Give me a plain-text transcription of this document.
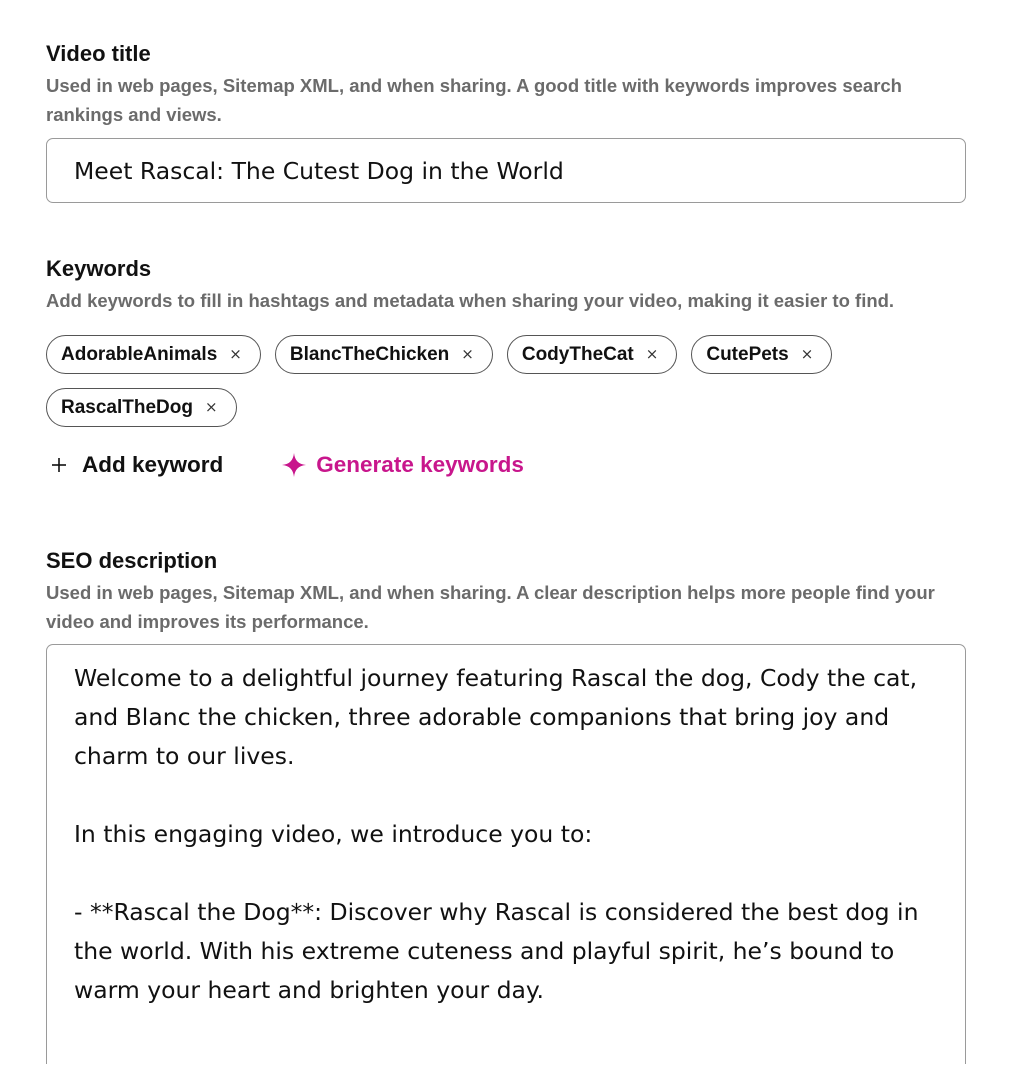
Video title

Used in web pages, Sitemap XML, and when sharing. A good title with keywords improves search rankings and views.

Meet Rascal: The Cutest Dog in the World
Keywords

Add keywords to fill in hashtags and metadata when sharing your video, making it easier to find.

AdorableAnimals ×	BlancTheChicken ×	CodyTheCat ×	CutePets ×
RascalTheDog ×
Add keyword	Generate keywords
SEO description

Used in web pages, Sitemap XML, and when sharing. A clear description helps more people find your video and improves its performance.

Welcome to a delightful journey featuring Rascal the dog, Cody the cat, and Blanc the chicken, three adorable companions that bring joy and charm to our lives.

In this engaging video, we introduce you to:

- **Rascal the Dog**: Discover why Rascal is considered the best dog in the world. With his extreme cuteness and playful spirit, he’s bound to warm your heart and brighten your day.
